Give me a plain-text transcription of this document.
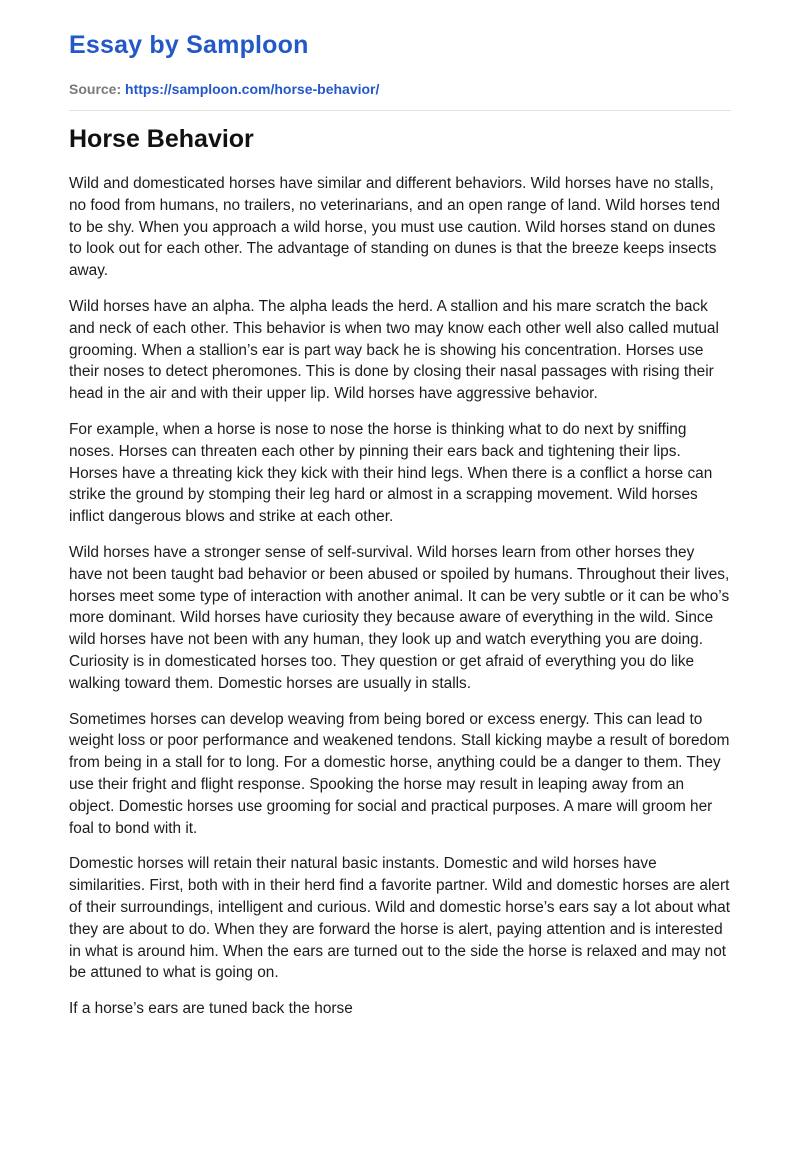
Essay by Samploon
Source: https://samploon.com/horse-behavior/
Horse Behavior

Wild and domesticated horses have similar and different behaviors. Wild horses have no stalls, no food from humans, no trailers, no veterinarians, and an open range of land. Wild horses tend to be shy. When you approach a wild horse, you must use caution. Wild horses stand on dunes to look out for each other. The advantage of standing on dunes is that the breeze keeps insects away.

Wild horses have an alpha. The alpha leads the herd. A stallion and his mare scratch the back and neck of each other. This behavior is when two may know each other well also called mutual grooming. When a stallion’s ear is part way back he is showing his concentration. Horses use their noses to detect pheromones. This is done by closing their nasal passages with rising their head in the air and with their upper lip. Wild horses have aggressive behavior.

For example, when a horse is nose to nose the horse is thinking what to do next by sniffing noses. Horses can threaten each other by pinning their ears back and tightening their lips. Horses have a threating kick they kick with their hind legs. When there is a conflict a horse can strike the ground by stomping their leg hard or almost in a scrapping movement. Wild horses inflict dangerous blows and strike at each other.

Wild horses have a stronger sense of self-survival. Wild horses learn from other horses they have not been taught bad behavior or been abused or spoiled by humans. Throughout their lives, horses meet some type of interaction with another animal. It can be very subtle or it can be who’s more dominant. Wild horses have curiosity they because aware of everything in the wild. Since wild horses have not been with any human, they look up and watch everything you are doing. Curiosity is in domesticated horses too. They question or get afraid of everything you do like walking toward them. Domestic horses are usually in stalls.

Sometimes horses can develop weaving from being bored or excess energy. This can lead to weight loss or poor performance and weakened tendons. Stall kicking maybe a result of boredom from being in a stall for to long. For a domestic horse, anything could be a danger to them. They use their fright and flight response. Spooking the horse may result in leaping away from an object. Domestic horses use grooming for social and practical purposes. A mare will groom her foal to bond with it.

Domestic horses will retain their natural basic instants. Domestic and wild horses have similarities. First, both with in their herd find a favorite partner. Wild and domestic horses are alert of their surroundings, intelligent and curious. Wild and domestic horse’s ears say a lot about what they are about to do. When they are forward the horse is alert, paying attention and is interested in what is around him. When the ears are turned out to the side the horse is relaxed and may not be attuned to what is going on.

If a horse’s ears are tuned back the horse
